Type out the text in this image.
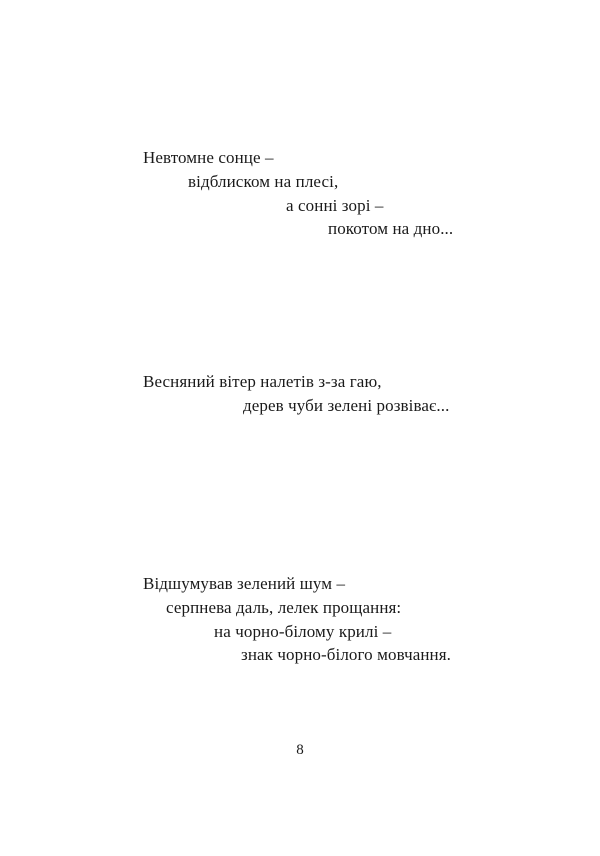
Невтомне сонце –
відблиском на плесі,
а сонні зорі –
покотом на дно...
Весняний вітер налетів з-за гаю,
дерев чуби зелені розвіває...
Відшумував зелений шум –
серпнева даль, лелек прощання:
на чорно-білому крилі –
знак чорно-білого мовчання.
8
